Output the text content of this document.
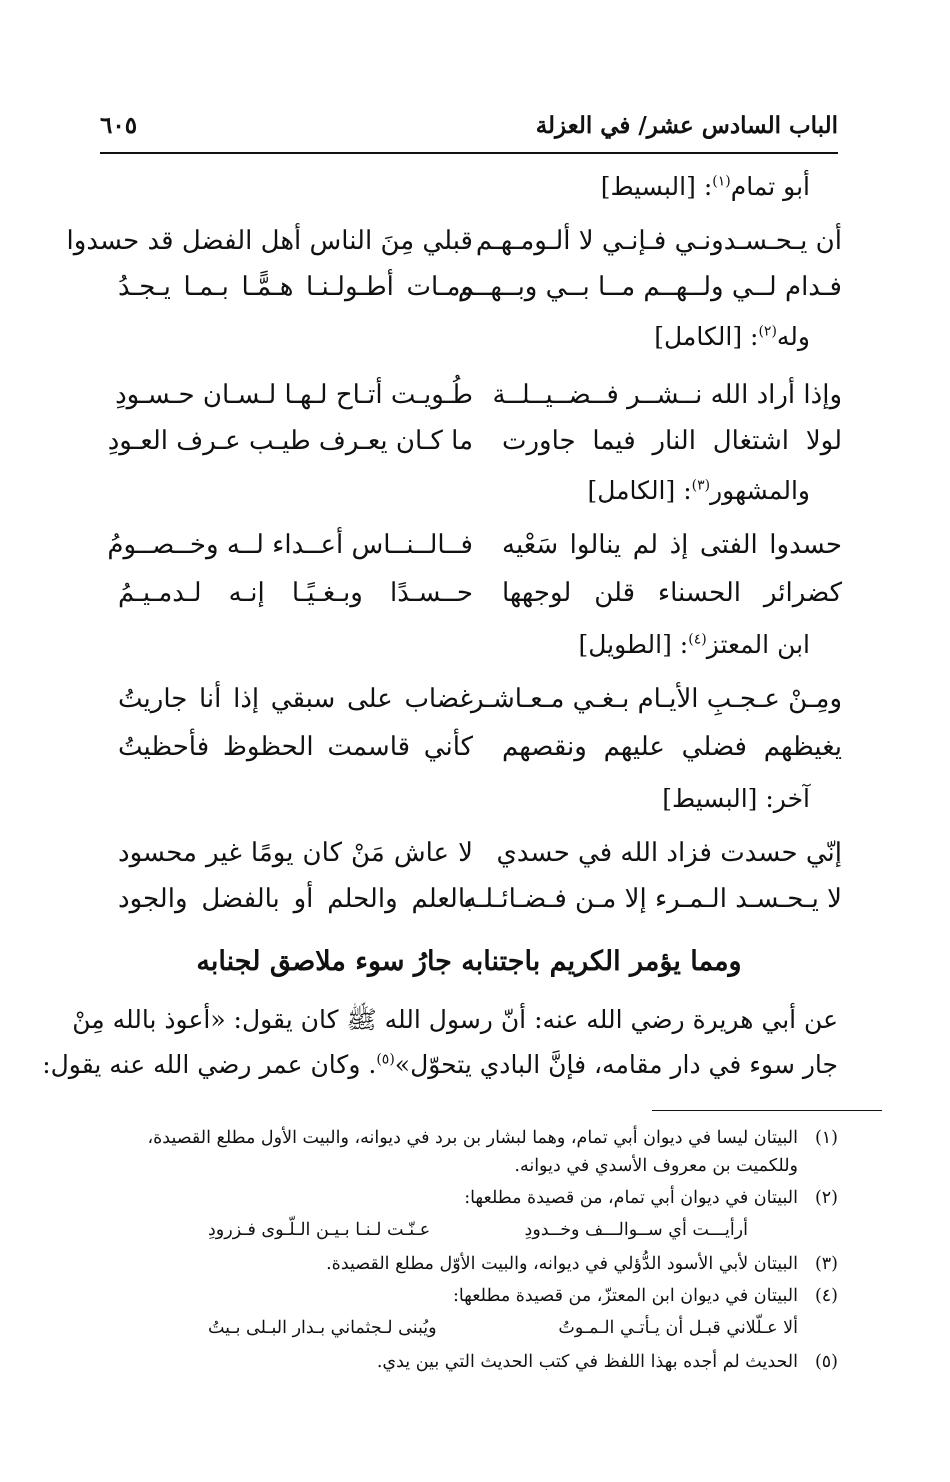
الباب السادس عشر/ في العزلة
٦٠٥
أبو تمام$^{(١)}$: [البسيط]
أن يـحـسـدونـي فـإنـي لا ألـومـهـم
قبلي مِنَ الناس أهل الفضل قد حسدوا
فـدام لــي ولــهــم مــا بــي وبــهــم
ومـات أطـولـنـا هـمًّـا بـمـا يـجـدُ
وله$^{(٢)}$: [الكامل]
وإذا أراد الله نــشــر فــضــيــلــة
طُـويـت أتـاح لـهـا لـسـان حـسـودِ
لولا اشتغال النار فيما جاورت
ما كـان يعـرف طيـب عـرف العـودِ
والمشهور$^{(٣)}$: [الكامل]
حسدوا الفتى إذ لم ينالوا سَعْيه
فــالــنــاس أعــداء لــه وخــصــومُ
كضرائر الحسناء قلن لوجهها
حــسـدًا وبـغـيًـا إنـه لـدمـيـمُ
ابن المعتز$^{(٤)}$: [الطويل]
ومِـنْ عـجـبِ الأيـام بـغـي مـعـاشـر
غضاب على سبقي إذا أنا جاريتُ
يغيظهم فضلي عليهم ونقصهم
كأني قاسمت الحظوظ فأحظيتُ
آخر: [البسيط]
إنّي حسدت فزاد الله في حسدي
لا عاش مَنْ كان يومًا غير محسود
لا يـحـسـد الـمـرء إلا مـن فـضـائـلـه
بالعلم والحلم أو بالفضل والجود
ومما يؤمر الكريم باجتنابه جارُ سوء ملاصق لجنابه
عن أبي هريرة رضي الله عنه: أنّ رسول الله ﷺ كان يقول: «أعوذ بالله مِنْ
جار سوء في دار مقامه، فإنَّ البادي يتحوّل»$^{(٥)}$. وكان عمر رضي الله عنه يقول:
(١)البيتان ليسا في ديوان أبي تمام، وهما لبشار بن برد في ديوانه، والبيت الأول مطلع القصيدة،
وللكميت بن معروف الأسدي في ديوانه.
(٢)البيتان في ديوان أبي تمام، من قصيدة مطلعها:
أرأيـــت أي ســوالـــف وخــدودِ
عـنّـت لـنـا بـيـن الـلّـوى فـزرودِ
(٣)البيتان لأبي الأسود الدُّؤلي في ديوانه، والبيت الأوّل مطلع القصيدة.
(٤)البيتان في ديوان ابن المعتزّ، من قصيدة مطلعها:
ألا عـلّلاني قبـل أن يـأتـي الـمـوتُ
ويُبنى لـجثماني بـدار البـلى بـيتُ
(٥)الحديث لم أجده بهذا اللفظ في كتب الحديث التي بين يدي.
